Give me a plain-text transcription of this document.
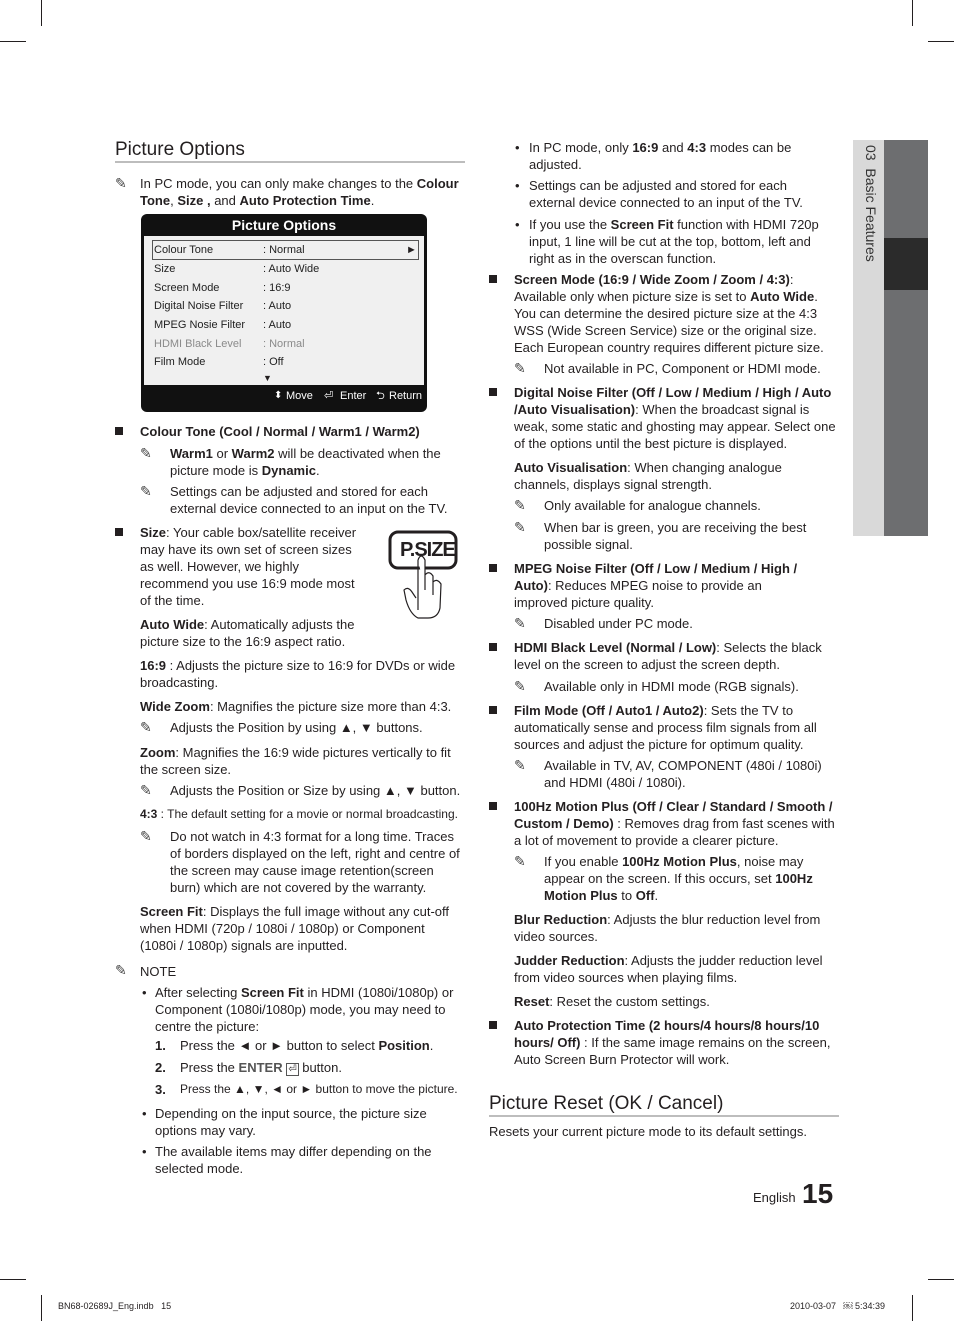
03  Basic Features
Picture Options
✎ In PC mode, you can only make changes to the Colour Tone, Size , and Auto Protection Time.

Picture Options
Colour Tone	: Normal	►
Size	: Auto Wide
Screen Mode	: 16:9
Digital Noise Filter : Auto
MPEG Nosie Filter : Auto
HDMI Black Level : Normal
Film Mode	: Off
▼
⬍ Move ⏎ Enter ⮌ Return

Colour Tone (Cool / Normal / Warm1 / Warm2)

✎ Warm1 or Warm2 will be deactivated when the picture mode is Dynamic.

✎ Settings can be adjusted and stored for each external device connected to an input on the TV.

Size: Your cable box/satellite receiver may have its own set of screen sizes as well. However, we highly recommend you use 16:9 mode most of the time.

P.SIZE

Auto Wide: Automatically adjusts the picture size to the 16:9 aspect ratio.

16:9 : Adjusts the picture size to 16:9 for DVDs or wide broadcasting.

Wide Zoom: Magnifies the picture size more than 4:3.

✎ Adjusts the Position by using ▲, ▼ buttons.

Zoom: Magnifies the 16:9 wide pictures vertically to fit the screen size.

✎ Adjusts the Position or Size by using ▲, ▼ button.

4:3 : The default setting for a movie or normal broadcasting.

✎ Do not watch in 4:3 format for a long time. Traces of borders displayed on the left, right and centre of the screen may cause image retention(screen burn) which are not covered by the warranty.

Screen Fit: Displays the full image without any cut-off when HDMI (720p / 1080i / 1080p) or Component (1080i / 1080p) signals are inputted.

✎ NOTE

• After selecting Screen Fit in HDMI (1080i/1080p) or Component (1080i/1080p) mode, you may need to centre the picture:

1. Press the ◄ or ► button to select Position.

2. Press the ENTER ⏎ button.

3. Press the ▲, ▼, ◄ or ► button to move the picture.

• Depending on the input source, the picture size options may vary.

• The available items may differ depending on the selected mode.

• In PC mode, only 16:9 and 4:3 modes can be adjusted.

• Settings can be adjusted and stored for each external device connected to an input of the TV.

• If you use the Screen Fit function with HDMI 720p input, 1 line will be cut at the top, bottom, left and right as in the overscan function.

Screen Mode (16:9 / Wide Zoom / Zoom / 4:3): Available only when picture size is set to Auto Wide. You can determine the desired picture size at the 4:3 WSS (Wide Screen Service) size or the original size. Each European country requires different picture size.

✎ Not available in PC, Component or HDMI mode.

Digital Noise Filter (Off / Low / Medium / High / Auto /Auto Visualisation): When the broadcast signal is weak, some static and ghosting may appear. Select one of the options until the best picture is displayed.

Auto Visualisation: When changing analogue channels, displays signal strength.

✎ Only available for analogue channels.

✎ When bar is green, you are receiving the best possible signal.

MPEG Noise Filter (Off / Low / Medium / High / Auto): Reduces MPEG noise to provide an improved picture quality.

✎ Disabled under PC mode.

HDMI Black Level (Normal / Low): Selects the black level on the screen to adjust the screen depth.

✎ Available only in HDMI mode (RGB signals).

Film Mode (Off / Auto1 / Auto2): Sets the TV to automatically sense and process film signals from all sources and adjust the picture for optimum quality.

✎ Available in TV, AV, COMPONENT (480i / 1080i) and HDMI (480i / 1080i).

100Hz Motion Plus (Off / Clear / Standard / Smooth / Custom / Demo) : Removes drag from fast scenes with a lot of movement to provide a clearer picture.

✎ If you enable 100Hz Motion Plus, noise may appear on the screen. If this occurs, set 100Hz Motion Plus to Off.

Blur Reduction: Adjusts the blur reduction level from video sources.

Judder Reduction: Adjusts the judder reduction level from video sources when playing films.

Reset: Reset the custom settings.

Auto Protection Time (2 hours/4 hours/8 hours/10 hours/ Off) : If the same image remains on the screen, Auto Screen Burn Protector will work.

Picture Reset (OK / Cancel)

Resets your current picture mode to its default settings.

English 15
BN68-02689J_Eng.indb   15	2010-03-07   ￼ 5:34:39
